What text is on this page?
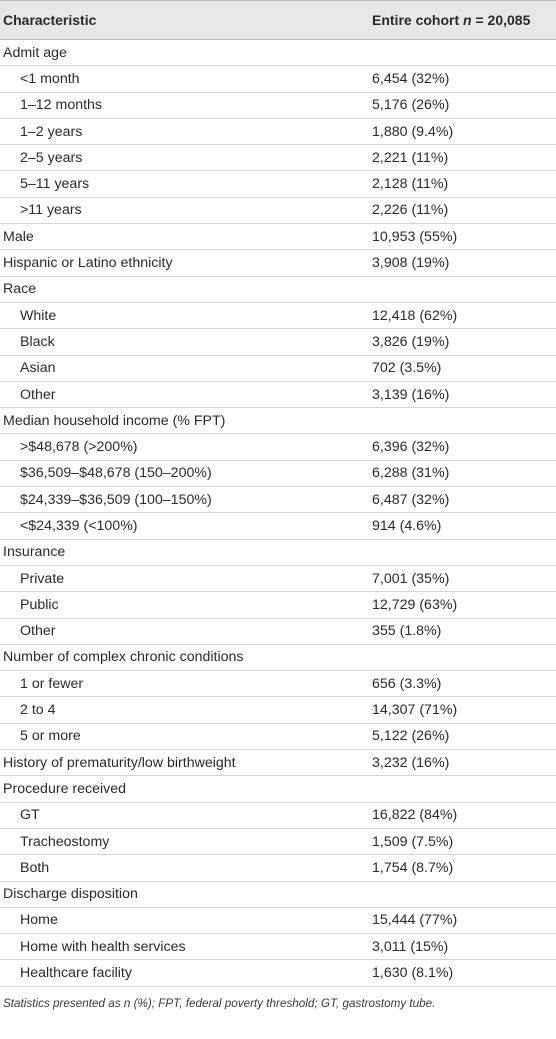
Characteristic	Entire cohort n = 20,085
Admit age
<1 month	6,454 (32%)
1–12 months	5,176 (26%)
1–2 years	1,880 (9.4%)
2–5 years	2,221 (11%)
5–11 years	2,128 (11%)
>11 years	2,226 (11%)
Male	10,953 (55%)
Hispanic or Latino ethnicity	3,908 (19%)
Race
White	12,418 (62%)
Black	3,826 (19%)
Asian	702 (3.5%)
Other	3,139 (16%)
Median household income (% FPT)
>$48,678 (>200%)	6,396 (32%)
$36,509–$48,678 (150–200%)	6,288 (31%)
$24,339–$36,509 (100–150%)	6,487 (32%)
<$24,339 (<100%)	914 (4.6%)
Insurance
Private	7,001 (35%)
Public	12,729 (63%)
Other	355 (1.8%)
Number of complex chronic conditions
1 or fewer	656 (3.3%)
2 to 4	14,307 (71%)
5 or more	5,122 (26%)
History of prematurity/low birthweight	3,232 (16%)
Procedure received
GT	16,822 (84%)
Tracheostomy	1,509 (7.5%)
Both	1,754 (8.7%)
Discharge disposition
Home	15,444 (77%)
Home with health services	3,011 (15%)
Healthcare facility	1,630 (8.1%)
Statistics presented as n (%); FPT, federal poverty threshold; GT, gastrostomy tube.
